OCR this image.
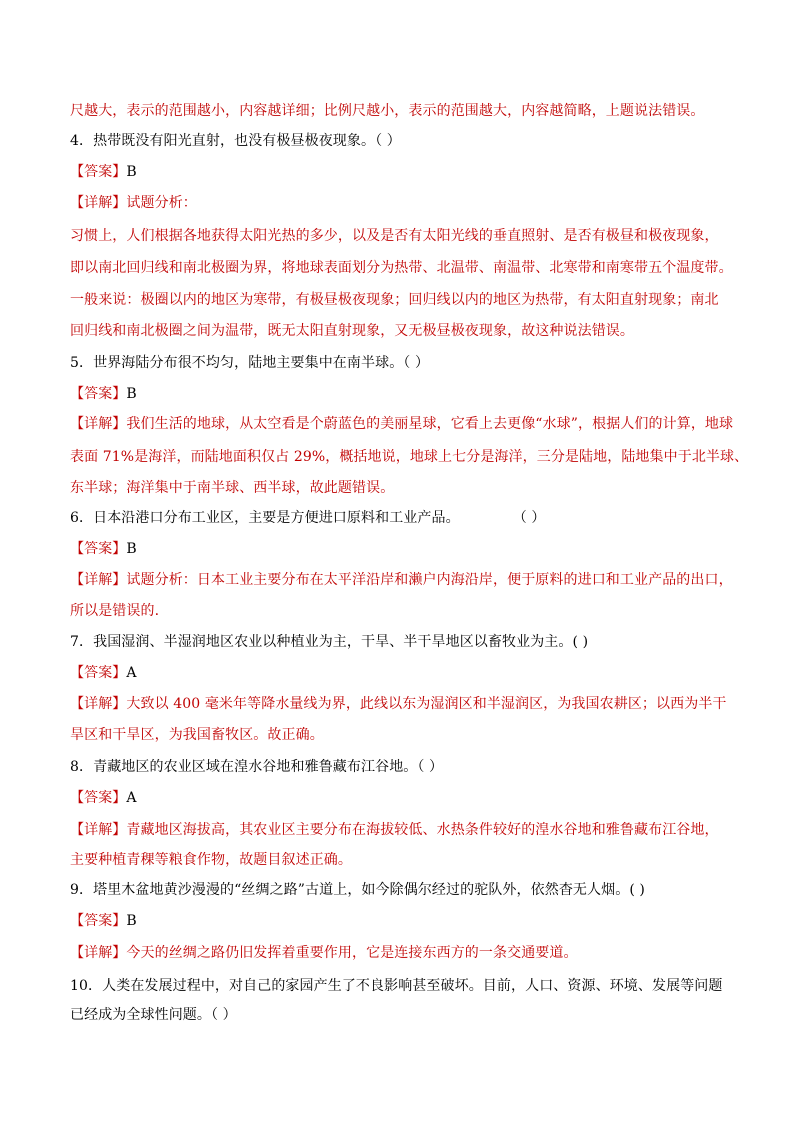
尺越大，表示的范围越小，内容越详细；比例尺越小，表示的范围越大，内容越简略，上题说法错误。
4．热带既没有阳光直射，也没有极昼极夜现象。（ ）
【答案】B
【详解】试题分析：
习惯上，人们根据各地获得太阳光热的多少，以及是否有太阳光线的垂直照射、是否有极昼和极夜现象，
即以南北回归线和南北极圈为界，将地球表面划分为热带、北温带、南温带、北寒带和南寒带五个温度带。
一般来说：极圈以内的地区为寒带，有极昼极夜现象；回归线以内的地区为热带，有太阳直射现象；南北
回归线和南北极圈之间为温带，既无太阳直射现象，又无极昼极夜现象，故这种说法错误。
5．世界海陆分布很不均匀，陆地主要集中在南半球。（ ）
【答案】B
【详解】我们生活的地球，从太空看是个蔚蓝色的美丽星球，它看上去更像“水球”，根据人们的计算，地球
表面 71%是海洋，而陆地面积仅占 29%，概括地说，地球上七分是海洋，三分是陆地，陆地集中于北半球、
东半球；海洋集中于南半球、西半球，故此题错误。
6．日本沿港口分布工业区，主要是方便进口原料和工业产品。	（ ）
【答案】B
【详解】试题分析：日本工业主要分布在太平洋沿岸和濑户内海沿岸，便于原料的进口和工业产品的出口，
所以是错误的.
7．我国湿润、半湿润地区农业以种植业为主，干旱、半干旱地区以畜牧业为主。( )
【答案】A
【详解】大致以 400 毫米年等降水量线为界，此线以东为湿润区和半湿润区，为我国农耕区；以西为半干
旱区和干旱区，为我国畜牧区。故正确。
8．青藏地区的农业区域在湟水谷地和雅鲁藏布江谷地。（ ）
【答案】A
【详解】青藏地区海拔高，其农业区主要分布在海拔较低、水热条件较好的湟水谷地和雅鲁藏布江谷地，
主要种植青稞等粮食作物，故题目叙述正确。
9．塔里木盆地黄沙漫漫的“丝绸之路”古道上，如今除偶尔经过的驼队外，依然杳无人烟。( )
【答案】B
【详解】今天的丝绸之路仍旧发挥着重要作用，它是连接东西方的一条交通要道。
10．人类在发展过程中，对自己的家园产生了不良影响甚至破坏。目前，人口、资源、环境、发展等问题
已经成为全球性问题。（ ）
